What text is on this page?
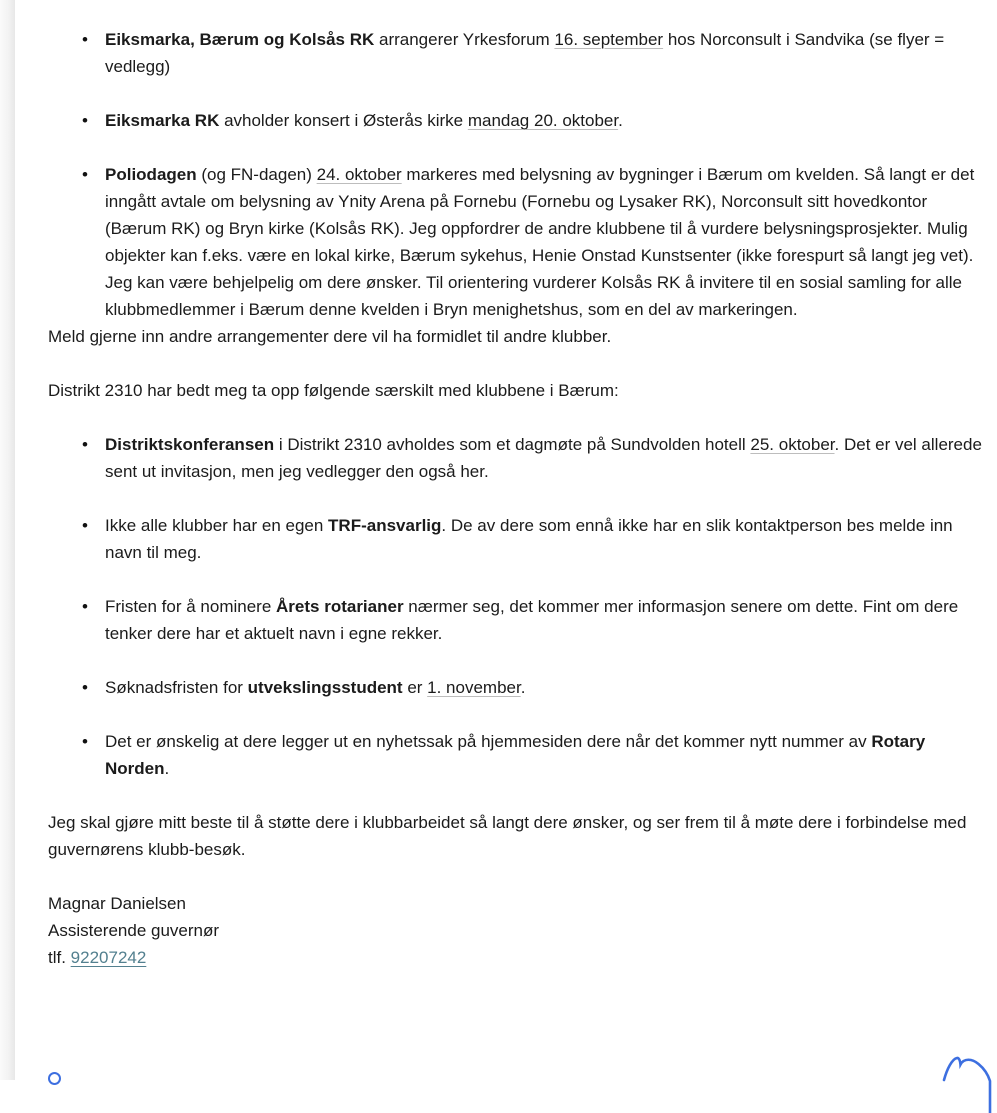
• Eiksmarka, Bærum og Kolsås RK arrangerer Yrkesforum 16. september hos Norconsult i Sandvika (se flyer = vedlegg)
• Eiksmarka RK avholder konsert i Østerås kirke mandag 20. oktober.
• Poliodagen (og FN-dagen) 24. oktober markeres med belysning av bygninger i Bærum om kvelden. Så langt er det inngått avtale om belysning av Ynity Arena på Fornebu (Fornebu og Lysaker RK), Norconsult sitt hovedkontor (Bærum RK) og Bryn kirke (Kolsås RK). Jeg oppfordrer de andre klubbene til å vurdere belysningsprosjekter. Mulig objekter kan f.eks. være en lokal kirke, Bærum sykehus, Henie Onstad Kunstsenter (ikke forespurt så langt jeg vet). Jeg kan være behjelpelig om dere ønsker. Til orientering vurderer Kolsås RK å invitere til en sosial samling for alle klubbmedlemmer i Bærum denne kvelden i Bryn menighetshus, som en del av markeringen.
Meld gjerne inn andre arrangementer dere vil ha formidlet til andre klubber.
Distrikt 2310 har bedt meg ta opp følgende særskilt med klubbene i Bærum:
• Distriktskonferansen i Distrikt 2310 avholdes som et dagmøte på Sundvolden hotell 25. oktober. Det er vel allerede sent ut invitasjon, men jeg vedlegger den også her.
• Ikke alle klubber har en egen TRF-ansvarlig. De av dere som ennå ikke har en slik kontaktperson bes melde inn navn til meg.
• Fristen for å nominere Årets rotarianer nærmer seg, det kommer mer informasjon senere om dette. Fint om dere tenker dere har et aktuelt navn i egne rekker.
• Søknadsfristen for utvekslingsstudent er 1. november.
• Det er ønskelig at dere legger ut en nyhetssak på hjemmesiden dere når det kommer nytt nummer av Rotary Norden.
Jeg skal gjøre mitt beste til å støtte dere i klubbarbeidet så langt dere ønsker, og ser frem til å møte dere i forbindelse med guvernørens klubb-besøk.
Magnar Danielsen
Assisterende guvernør
tlf. 92207242
